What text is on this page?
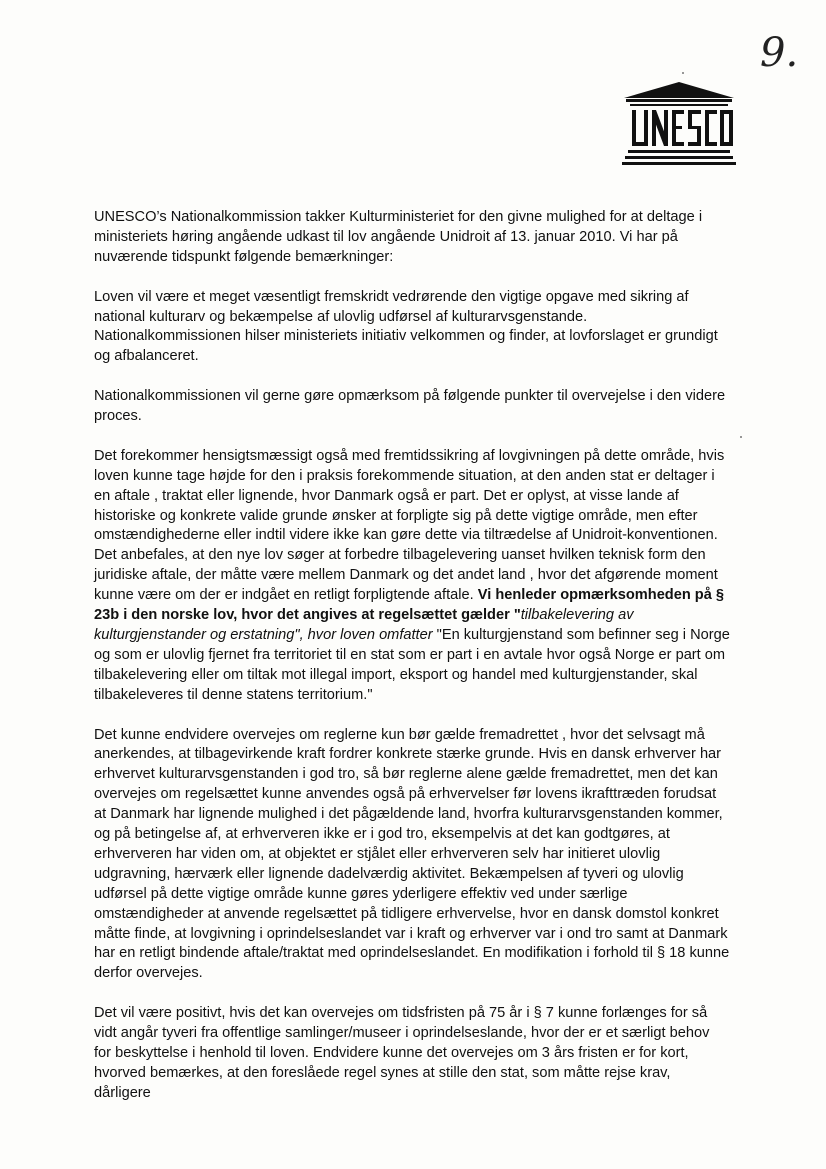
9.

UNESCO’s Nationalkommission takker Kulturministeriet for den givne mulighed for at deltage i ministeriets høring angående udkast til lov angående Unidroit af 13. januar 2010. Vi har på nuværende tidspunkt følgende bemærkninger:

Loven vil være et meget væsentligt fremskridt vedrørende den vigtige opgave med sikring af national kulturarv og bekæmpelse af ulovlig udførsel af kulturarvsgenstande. Nationalkommissionen hilser ministeriets initiativ velkommen og finder, at lovforslaget er grundigt og afbalanceret.

Nationalkommissionen vil gerne gøre opmærksom på følgende punkter til overvejelse i den videre proces.

Det forekommer hensigtsmæssigt også med fremtidssikring af lovgivningen på dette område, hvis loven kunne tage højde for den i praksis forekommende situation, at den anden stat er deltager i en aftale , traktat eller lignende, hvor Danmark også er part. Det er oplyst, at visse lande af historiske og konkrete valide grunde ønsker at forpligte sig på dette vigtige område, men efter omstændighederne eller indtil videre ikke kan gøre dette via tiltrædelse af Unidroit-konventionen. Det anbefales, at den nye lov søger at forbedre tilbagelevering uanset hvilken teknisk form den juridiske aftale, der måtte være mellem Danmark og det andet land , hvor det afgørende moment kunne være om der er indgået en retligt forpligtende aftale. Vi henleder opmærksomheden på § 23b i den norske lov, hvor det angives at regelsættet gælder "tilbakelevering av kulturgjenstander og erstatning", hvor loven omfatter "En kulturgjenstand som befinner seg i Norge og som er ulovlig fjernet fra territoriet til en stat som er part i en avtale hvor også Norge er part om tilbakelevering eller om tiltak mot illegal import, eksport og handel med kulturgjenstander, skal tilbakeleveres til denne statens territorium."

Det kunne endvidere overvejes om reglerne kun bør gælde fremadrettet , hvor det selvsagt må anerkendes, at tilbagevirkende kraft fordrer konkrete stærke grunde. Hvis en dansk erhverver har erhvervet kulturarvsgenstanden i god tro, så bør reglerne alene gælde fremadrettet, men det kan overvejes om regelsættet kunne anvendes også på erhvervelser før lovens ikrafttræden forudsat at Danmark har lignende mulighed i det pågældende land, hvorfra kulturarvsgenstanden kommer, og på betingelse af, at erhververen ikke er i god tro, eksempelvis at det kan godtgøres, at erhververen har viden om, at objektet er stjålet eller erhververen selv har initieret ulovlig udgravning, hærværk eller lignende dadelværdig aktivitet. Bekæmpelsen af tyveri og ulovlig udførsel på dette vigtige område kunne gøres yderligere effektiv ved under særlige omstændigheder at anvende regelsættet på tidligere erhvervelse, hvor en dansk domstol konkret måtte finde, at lovgivning i oprindelseslandet var i kraft og erhverver var i ond tro samt at Danmark har en retligt bindende aftale/traktat med oprindelseslandet. En modifikation i forhold til § 18 kunne derfor overvejes.

Det vil være positivt, hvis det kan overvejes om tidsfristen på 75 år i § 7 kunne forlænges for så vidt angår tyveri fra offentlige samlinger/museer i oprindelseslande, hvor der er et særligt behov for beskyttelse i henhold til loven. Endvidere kunne det overvejes om 3 års fristen er for kort, hvorved bemærkes, at den foreslåede regel synes at stille den stat, som måtte rejse krav, dårligere
